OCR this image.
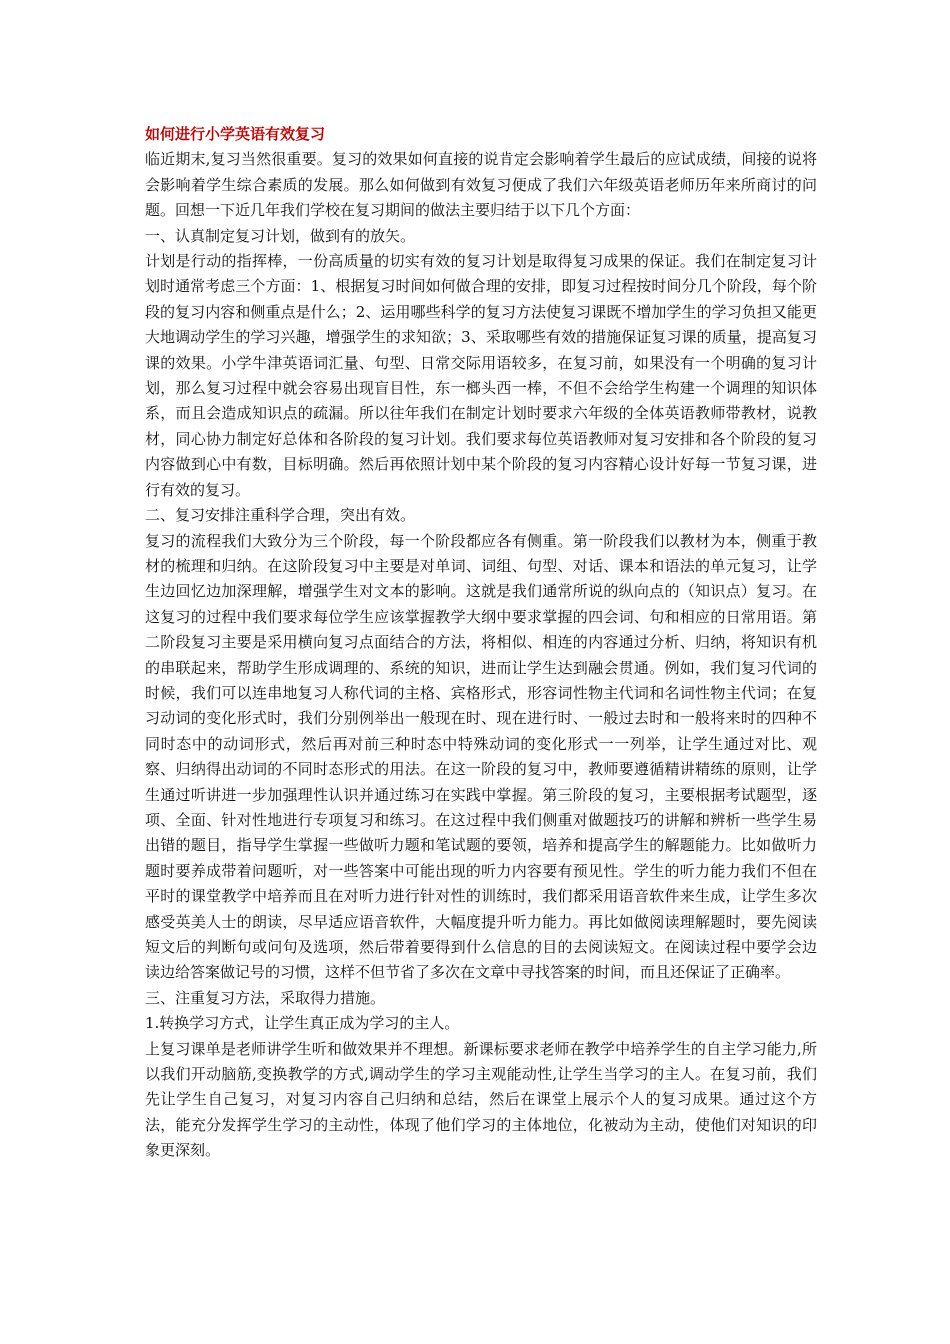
如何进行小学英语有效复习

临近期末,复习当然很重要。复习的效果如何直接的说肯定会影响着学生最后的应试成绩，间接的说将会影响着学生综合素质的发展。那么如何做到有效复习便成了我们六年级英语老师历年来所商讨的问题。回想一下近几年我们学校在复习期间的做法主要归结于以下几个方面：

一、认真制定复习计划，做到有的放矢。

计划是行动的指挥棒，一份高质量的切实有效的复习计划是取得复习成果的保证。我们在制定复习计划时通常考虑三个方面：1、根据复习时间如何做合理的安排，即复习过程按时间分几个阶段，每个阶段的复习内容和侧重点是什么；2、运用哪些科学的复习方法使复习课既不增加学生的学习负担又能更大地调动学生的学习兴趣，增强学生的求知欲；3、采取哪些有效的措施保证复习课的质量，提高复习课的效果。小学牛津英语词汇量、句型、日常交际用语较多，在复习前，如果没有一个明确的复习计划，那么复习过程中就会容易出现盲目性，东一榔头西一棒，不但不会给学生构建一个调理的知识体系，而且会造成知识点的疏漏。所以往年我们在制定计划时要求六年级的全体英语教师带教材，说教材，同心协力制定好总体和各阶段的复习计划。我们要求每位英语教师对复习安排和各个阶段的复习内容做到心中有数，目标明确。然后再依照计划中某个阶段的复习内容精心设计好每一节复习课，进行有效的复习。

二、复习安排注重科学合理，突出有效。

复习的流程我们大致分为三个阶段，每一个阶段都应各有侧重。第一阶段我们以教材为本，侧重于教材的梳理和归纳。在这阶段复习中主要是对单词、词组、句型、对话、课本和语法的单元复习，让学生边回忆边加深理解，增强学生对文本的影响。这就是我们通常所说的纵向点的（知识点）复习。在这复习的过程中我们要求每位学生应该掌握教学大纲中要求掌握的四会词、句和相应的日常用语。第二阶段复习主要是采用横向复习点面结合的方法，将相似、相连的内容通过分析、归纳，将知识有机的串联起来，帮助学生形成调理的、系统的知识，进而让学生达到融会贯通。例如，我们复习代词的时候，我们可以连串地复习人称代词的主格、宾格形式，形容词性物主代词和名词性物主代词；在复习动词的变化形式时，我们分别例举出一般现在时、现在进行时、一般过去时和一般将来时的四种不同时态中的动词形式，然后再对前三种时态中特殊动词的变化形式一一列举，让学生通过对比、观察、归纳得出动词的不同时态形式的用法。在这一阶段的复习中，教师要遵循精讲精练的原则，让学生通过听讲进一步加强理性认识并通过练习在实践中掌握。第三阶段的复习，主要根据考试题型，逐项、全面、针对性地进行专项复习和练习。在这过程中我们侧重对做题技巧的讲解和辨析一些学生易出错的题目，指导学生掌握一些做听力题和笔试题的要领，培养和提高学生的解题能力。比如做听力题时要养成带着问题听，对一些答案中可能出现的听力内容要有预见性。学生的听力能力我们不但在平时的课堂教学中培养而且在对听力进行针对性的训练时，我们都采用语音软件来生成，让学生多次感受英美人士的朗读，尽早适应语音软件，大幅度提升听力能力。再比如做阅读理解题时，要先阅读短文后的判断句或问句及选项，然后带着要得到什么信息的目的去阅读短文。在阅读过程中要学会边读边给答案做记号的习惯，这样不但节省了多次在文章中寻找答案的时间，而且还保证了正确率。

三、注重复习方法，采取得力措施。

1.转换学习方式，让学生真正成为学习的主人。

上复习课单是老师讲学生听和做效果并不理想。新课标要求老师在教学中培养学生的自主学习能力,所以我们开动脑筋,变换教学的方式,调动学生的学习主观能动性,让学生当学习的主人。在复习前，我们先让学生自己复习，对复习内容自己归纳和总结，然后在课堂上展示个人的复习成果。通过这个方法，能充分发挥学生学习的主动性，体现了他们学习的主体地位，化被动为主动，使他们对知识的印象更深刻。
